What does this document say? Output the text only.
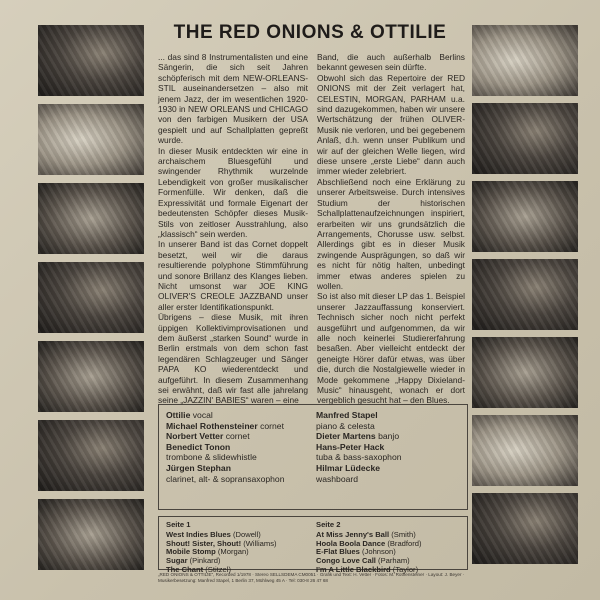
THE RED ONIONS & OTTILIE

... das sind 8 Instrumentalisten und eine Sängerin, die sich seit Jahren schöpferisch mit dem NEW-ORLEANS-STIL auseinandersetzen – also mit jenem Jazz, der im wesentlichen 1920-1930 in NEW ORLEANS und CHICAGO von den farbigen Musikern der USA gespielt und auf Schallplatten gepreßt wurde.

In dieser Musik entdeckten wir eine in archaischem Bluesgefühl und swingender Rhythmik wurzelnde Lebendigkeit von großer musikalischer Formenfülle. Wir denken, daß die Expressivität und formale Eigenart der bedeutensten Schöpfer dieses Musik-Stils von zeitloser Ausstrahlung, also „klassisch“ sein werden.

In unserer Band ist das Cornet doppelt besetzt, weil wir die daraus resultierende polyphone Stimmführung und sonore Brillanz des Klanges lieben. Nicht umsonst war JOE KING OLIVER'S CREOLE JAZZBAND unser aller erster Identifikationspunkt.

Übrigens – diese Musik, mit ihren üppigen Kollektivimprovisationen und dem äußerst „starken Sound“ wurde in Berlin erstmals von dem schon fast legendären Schlagzeuger und Sänger PAPA KO wiederentdeckt und aufgeführt. In diesem Zusammenhang sei erwähnt, daß wir fast alle jahrelang seine „JAZZIN' BABIES“ waren – eine

Band, die auch außerhalb Berlins bekannt gewesen sein dürfte.

Obwohl sich das Repertoire der RED ONIONS mit der Zeit verlagert hat, CELESTIN, MORGAN, PARHAM u.a. sind dazugekommen, haben wir unsere Wertschätzung der frühen OLIVER-Musik nie verloren, und bei gegebenem Anlaß, d.h. wenn unser Publikum und wir auf der gleichen Welle liegen, wird diese unsere „erste Liebe“ dann auch immer wieder zelebriert.

Abschließend noch eine Erklärung zu unserer Arbeitsweise. Durch intensives Studium der historischen Schallplattenaufzeichnungen inspiriert, erarbeiten wir uns grundsätzlich die Arrangements, Chorusse usw. selbst. Allerdings gibt es in dieser Musik zwingende Ausprägungen, so daß wir es nicht für nötig halten, unbedingt immer etwas anderes spielen zu wollen.

So ist also mit dieser LP das 1. Beispiel unserer Jazzauffassung konserviert. Technisch sicher noch nicht perfekt ausgeführt und aufgenommen, da wir alle noch keinerlei Studiererfahrung besaßen. Aber vielleicht entdeckt der geneigte Hörer dafür etwas, was über die, durch die Nostalgiewelle wieder in Mode gekommene „Happy Dixieland-Music“ hinausgeht, wonach er dort vergeblich gesucht hat – den Blues.

Ottilie vocal
Michael Rothensteiner cornet
Norbert Vetter cornet
Benedict Tonon
trombone & slidewhistle
Jürgen Stephan
clarinet, alt- & sopransaxophon
Manfred Stapel
piano & celesta
Dieter Martens banjo
Hans-Peter Hack
tuba & bass-saxophon
Hilmar Lüdecke
washboard
Seite 1
West Indies Blues (Dowell)
Shout! Sister, Shout! (Williams)
Mobile Stomp (Morgan)
Sugar (Pinkard)
The Chant (Stitzel)
Seite 2
At Miss Jenny's Ball (Smith)
Hoola Boola Dance (Bradford)
E-Flat Blues (Johnson)
Congo Love Call (Parham)
I'm A Little Blackbird (Taylor)
„RED ONIONS & OTTILIE“, Recorded 1/1978 · Stereo SELLSDEMA CM0051 · Grafik und Text: H. Vetter · Fotos: M. Rothensteiner · Layout: J. Beyer · Musikerbesetzung: Manfred Stapel, 1 Berlin 37, Mühlweg 45 A · Tel: 030-8 26 47 68
